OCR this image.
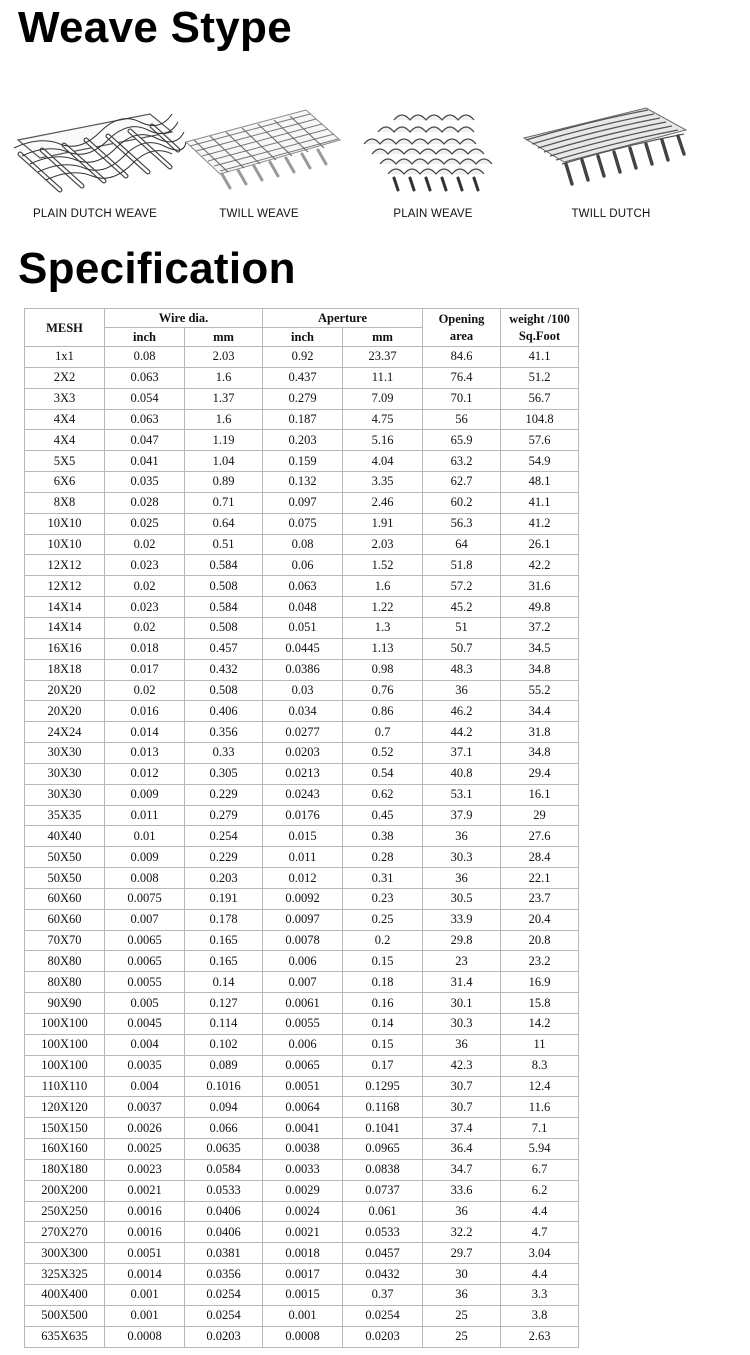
Weave Stype
PLAIN DUTCH WEAVE	TWILL WEAVE	PLAIN WEAVE	TWILL DUTCH
Specification
MESH	Wire dia.		Aperture		Opening
area	weight /100
Sq.Foot
	inch	mm	inch	mm		
1x1	0.08	2.03	0.92	23.37	84.6	41.1
2X2	0.063	1.6	0.437	11.1	76.4	51.2
3X3	0.054	1.37	0.279	7.09	70.1	56.7
4X4	0.063	1.6	0.187	4.75	56	104.8
4X4	0.047	1.19	0.203	5.16	65.9	57.6
5X5	0.041	1.04	0.159	4.04	63.2	54.9
6X6	0.035	0.89	0.132	3.35	62.7	48.1
8X8	0.028	0.71	0.097	2.46	60.2	41.1
10X10	0.025	0.64	0.075	1.91	56.3	41.2
10X10	0.02	0.51	0.08	2.03	64	26.1
12X12	0.023	0.584	0.06	1.52	51.8	42.2
12X12	0.02	0.508	0.063	1.6	57.2	31.6
14X14	0.023	0.584	0.048	1.22	45.2	49.8
14X14	0.02	0.508	0.051	1.3	51	37.2
16X16	0.018	0.457	0.0445	1.13	50.7	34.5
18X18	0.017	0.432	0.0386	0.98	48.3	34.8
20X20	0.02	0.508	0.03	0.76	36	55.2
20X20	0.016	0.406	0.034	0.86	46.2	34.4
24X24	0.014	0.356	0.0277	0.7	44.2	31.8
30X30	0.013	0.33	0.0203	0.52	37.1	34.8
30X30	0.012	0.305	0.0213	0.54	40.8	29.4
30X30	0.009	0.229	0.0243	0.62	53.1	16.1
35X35	0.011	0.279	0.0176	0.45	37.9	29
40X40	0.01	0.254	0.015	0.38	36	27.6
50X50	0.009	0.229	0.011	0.28	30.3	28.4
50X50	0.008	0.203	0.012	0.31	36	22.1
60X60	0.0075	0.191	0.0092	0.23	30.5	23.7
60X60	0.007	0.178	0.0097	0.25	33.9	20.4
70X70	0.0065	0.165	0.0078	0.2	29.8	20.8
80X80	0.0065	0.165	0.006	0.15	23	23.2
80X80	0.0055	0.14	0.007	0.18	31.4	16.9
90X90	0.005	0.127	0.0061	0.16	30.1	15.8
100X100	0.0045	0.114	0.0055	0.14	30.3	14.2
100X100	0.004	0.102	0.006	0.15	36	11
100X100	0.0035	0.089	0.0065	0.17	42.3	8.3
110X110	0.004	0.1016	0.0051	0.1295	30.7	12.4
120X120	0.0037	0.094	0.0064	0.1168	30.7	11.6
150X150	0.0026	0.066	0.0041	0.1041	37.4	7.1
160X160	0.0025	0.0635	0.0038	0.0965	36.4	5.94
180X180	0.0023	0.0584	0.0033	0.0838	34.7	6.7
200X200	0.0021	0.0533	0.0029	0.0737	33.6	6.2
250X250	0.0016	0.0406	0.0024	0.061	36	4.4
270X270	0.0016	0.0406	0.0021	0.0533	32.2	4.7
300X300	0.0051	0.0381	0.0018	0.0457	29.7	3.04
325X325	0.0014	0.0356	0.0017	0.0432	30	4.4
400X400	0.001	0.0254	0.0015	0.37	36	3.3
500X500	0.001	0.0254	0.001	0.0254	25	3.8
635X635	0.0008	0.0203	0.0008	0.0203	25	2.63
